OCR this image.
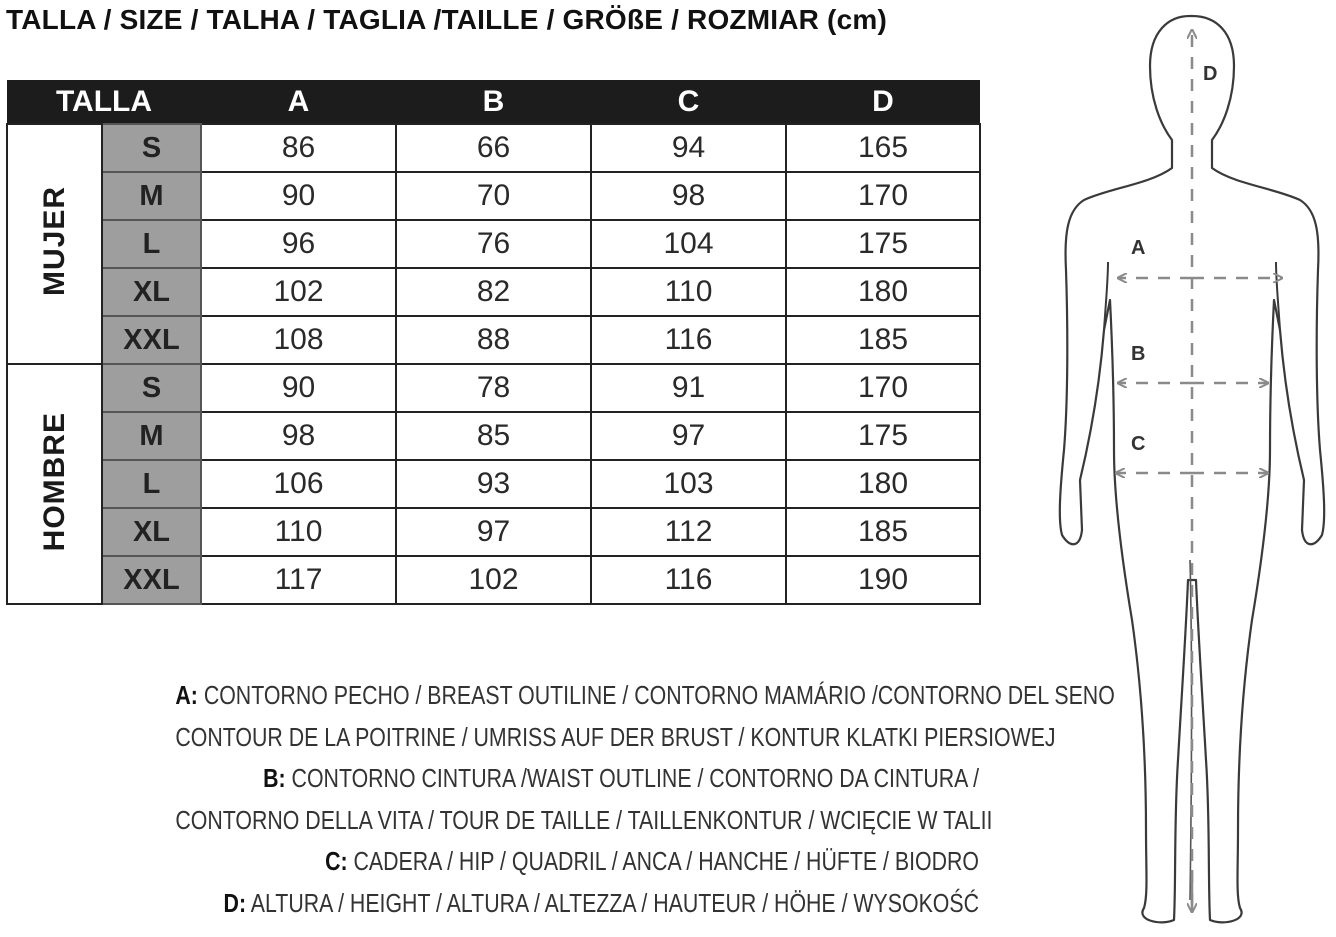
TALLA / SIZE / TALHA / TAGLIA /TAILLE / GRÖßE / ROZMIAR (cm)
TALLA		A	B	C	D
MUJER	S	86	66	94	165
	M	90	70	98	170
	L	96	76	104	175
	XL	102	82	110	180
	XXL	108	88	116	185
HOMBRE	S	90	78	91	170
	M	98	85	97	175
	L	106	93	103	180
	XL	110	97	112	185
	XXL	117	102	116	190
A: CONTORNO PECHO / BREAST OUTILINE / CONTORNO MAMÁRIO /CONTORNO DEL SENO
CONTOUR DE LA POITRINE / UMRISS AUF DER BRUST / KONTUR KLATKI PIERSIOWEJ
B: CONTORNO CINTURA /WAIST OUTLINE / CONTORNO DA CINTURA /
CONTORNO DELLA VITA / TOUR DE TAILLE / TAILLENKONTUR / WCIĘCIE W TALII
C: CADERA / HIP / QUADRIL / ANCA / HANCHE / HÜFTE / BIODRO
D: ALTURA / HEIGHT / ALTURA / ALTEZZA / HAUTEUR / HÖHE / WYSOKOŚĆ
A
B
C
D
